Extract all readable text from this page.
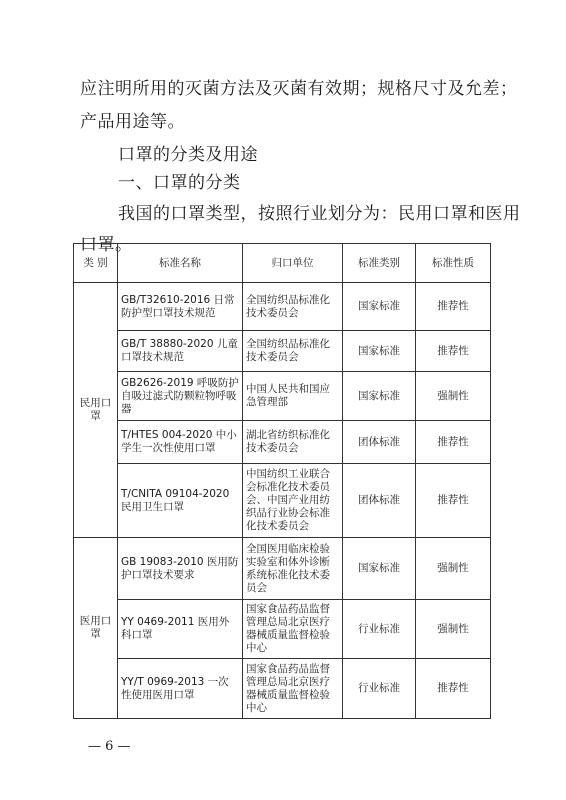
应注明所用的灭菌方法及灭菌有效期；规格尺寸及允差；
产品用途等。
口罩的分类及用途
一、口罩的分类
我国的口罩类型，按照行业划分为：民用口罩和医用
口罩。
类 别	标准名称	归口单位	标准类别	标准性质
民用口罩	GB/T32610-2016 日常防护型口罩技术规范	全国纺织品标准化技术委员会	国家标准	推荐性
	GB/T 38880-2020 儿童口罩技术规范	全国纺织品标准化技术委员会	国家标准	推荐性
	GB2626-2019 呼吸防护自吸过滤式防颗粒物呼吸器	中国人民共和国应急管理部	国家标准	强制性
	T/HTES 004-2020 中小学生一次性使用口罩	湖北省纺织标准化技术委员会	团体标准	推荐性
	T/CNITA 09104-2020 民用卫生口罩	中国纺织工业联合会标准化技术委员会、中国产业用纺织品行业协会标准化技术委员会	团体标准	推荐性
医用口罩	GB 19083-2010 医用防护口罩技术要求	全国医用临床检验实验室和体外诊断系统标准化技术委员会	国家标准	强制性
	YY 0469-2011 医用外科口罩	国家食品药品监督管理总局北京医疗器械质量监督检验中心	行业标准	强制性
	YY/T 0969-2013 一次性使用医用口罩	国家食品药品监督管理总局北京医疗器械质量监督检验中心	行业标准	推荐性
— 6 —
